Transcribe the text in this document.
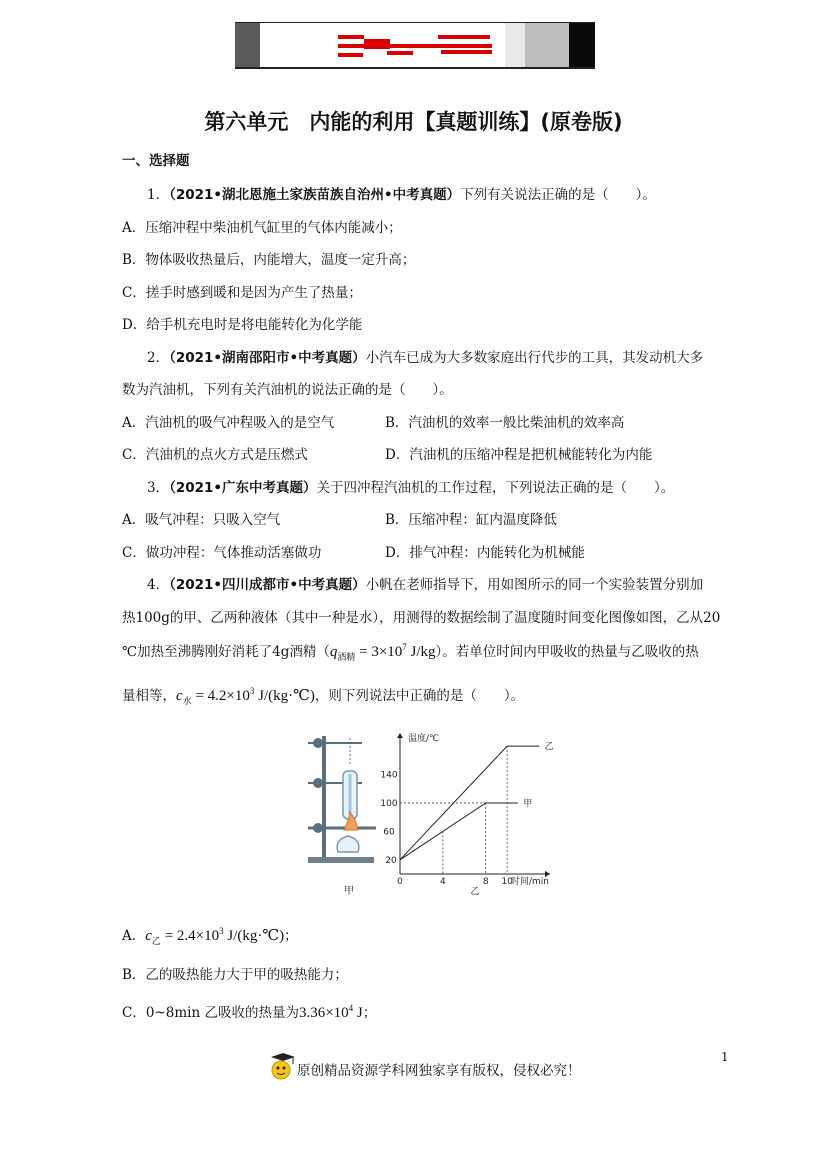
第六单元　内能的利用【真题训练】(原卷版)
一、选择题
1．（2021•湖北恩施土家族苗族自治州•中考真题）下列有关说法正确的是（　　）。
A．压缩冲程中柴油机气缸里的气体内能减小；
B．物体吸收热量后，内能增大，温度一定升高；
C．搓手时感到暖和是因为产生了热量；
D．给手机充电时是将电能转化为化学能
2．（2021•湖南邵阳市•中考真题）小汽车已成为大多数家庭出行代步的工具，其发动机大多
数为汽油机，下列有关汽油机的说法正确的是（　　）。
A．汽油机的吸气冲程吸入的是空气	B．汽油机的效率一般比柴油机的效率高
C．汽油机的点火方式是压燃式	D．汽油机的压缩冲程是把机械能转化为内能
3．（2021•广东中考真题）关于四冲程汽油机的工作过程，下列说法正确的是（　　）。
A．吸气冲程：只吸入空气	B．压缩冲程：缸内温度降低
C．做功冲程：气体推动活塞做功	D．排气冲程：内能转化为机械能
4．（2021•四川成都市•中考真题）小帆在老师指导下，用如图所示的同一个实验装置分别加
热100g的甲、乙两种液体（其中一种是水），用测得的数据绘制了温度随时间变化图像如图，乙从20
℃加热至沸腾刚好消耗了4g酒精（$q_{酒精} = 3\times 10^7$ J/kg）。若单位时间内甲吸收的热量与乙吸收的热
量相等，$c_水 = 4.2\times 10^3$ J/(kg·℃)，则下列说法中正确的是（　　）。
甲
温度/℃
时间/min
0	4	8 10
20
60
100
140
乙
甲
乙
A．$c_乙 = 2.4\times 10^3$ J/(kg·℃)；
B．乙的吸热能力大于甲的吸热能力；
C．0~8min 乙吸收的热量为$3.36\times 10^4$ J；
1
原创精品资源学科网独家享有版权，侵权必究！
